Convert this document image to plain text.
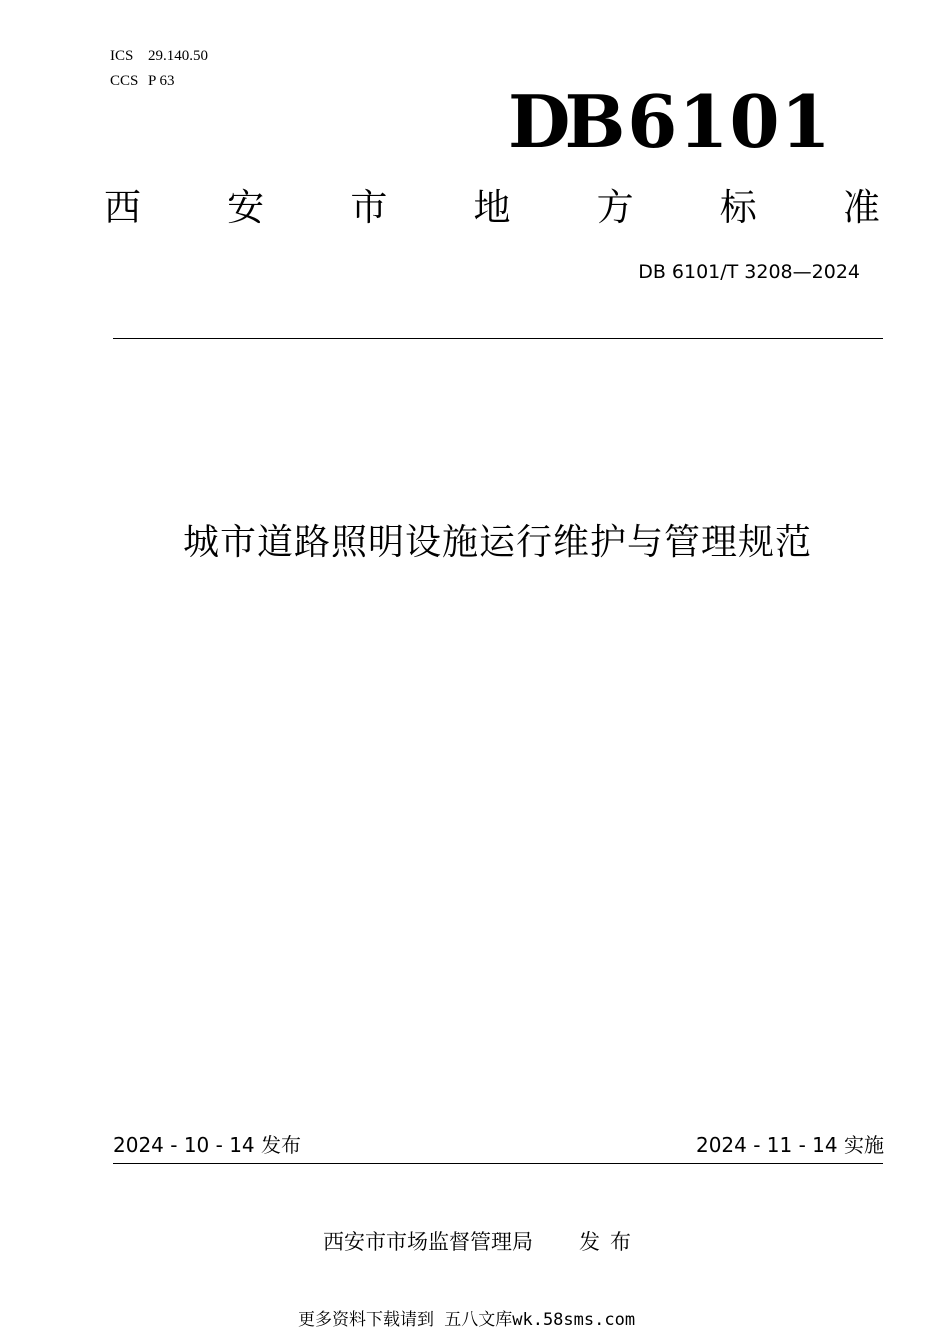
ICS 29.140.50
CCS P 63	DB 6101
西 安 市 地 方 标 准
DB 6101/T 3208—2024
城市道路照明设施运行维护与管理规范
2024 - 10 - 14 发布	2024 - 11 - 14 实施
西安市市场监督管理局 发布
更多资料下载请到 五八文库wk.58sms.com
